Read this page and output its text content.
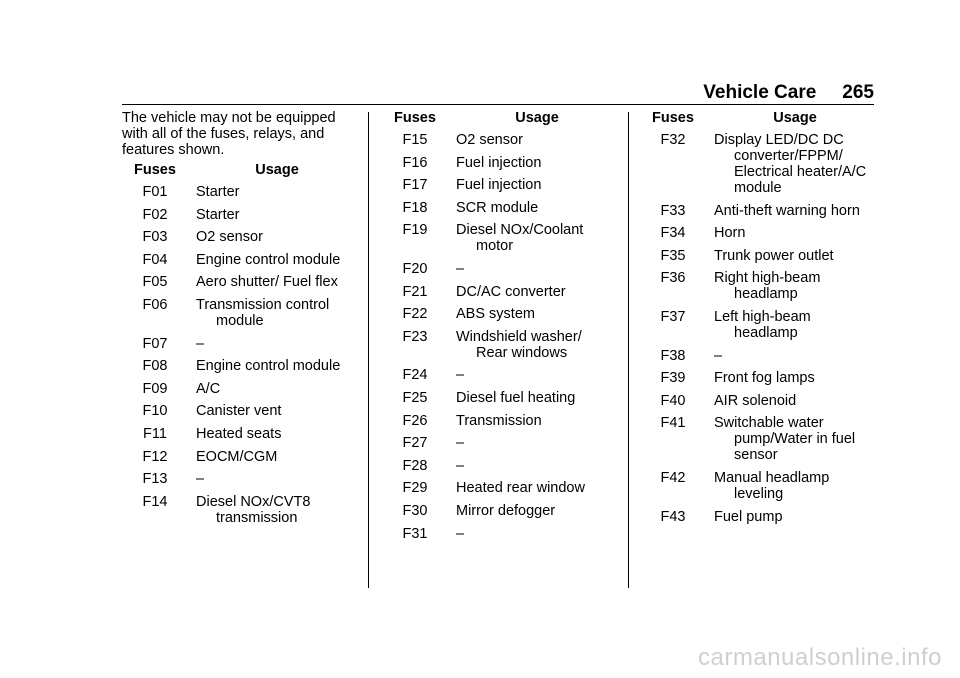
Vehicle Care 265

The vehicle may not be equipped with all of the fuses, relays, and features shown.

Fuses	Usage
F01	Starter
F02	Starter
F03	O2 sensor
F04	Engine control module
F05	Aero shutter/ Fuel flex
F06	Transmission control module
F07	–
F08	Engine control module
F09	A/C
F10	Canister vent
F11	Heated seats
F12	EOCM/CGM
F13	–
F14	Diesel NOx/CVT8 transmission
Fuses	Usage
F15	O2 sensor
F16	Fuel injection
F17	Fuel injection
F18	SCR module
F19	Diesel NOx/Coolant motor
F20	–
F21	DC/AC converter
F22	ABS system
F23	Windshield washer/ Rear windows
F24	–
F25	Diesel fuel heating
F26	Transmission
F27	–
F28	–
F29	Heated rear window
F30	Mirror defogger
F31	–
Fuses	Usage
F32	Display LED/DC DC converter/FPPM/ Electrical heater/A/C module
F33	Anti-theft warning horn
F34	Horn
F35	Trunk power outlet
F36	Right high-beam headlamp
F37	Left high-beam headlamp
F38	–
F39	Front fog lamps
F40	AIR solenoid
F41	Switchable water pump/Water in fuel sensor
F42	Manual headlamp leveling
F43	Fuel pump
carmanualsonline.info
